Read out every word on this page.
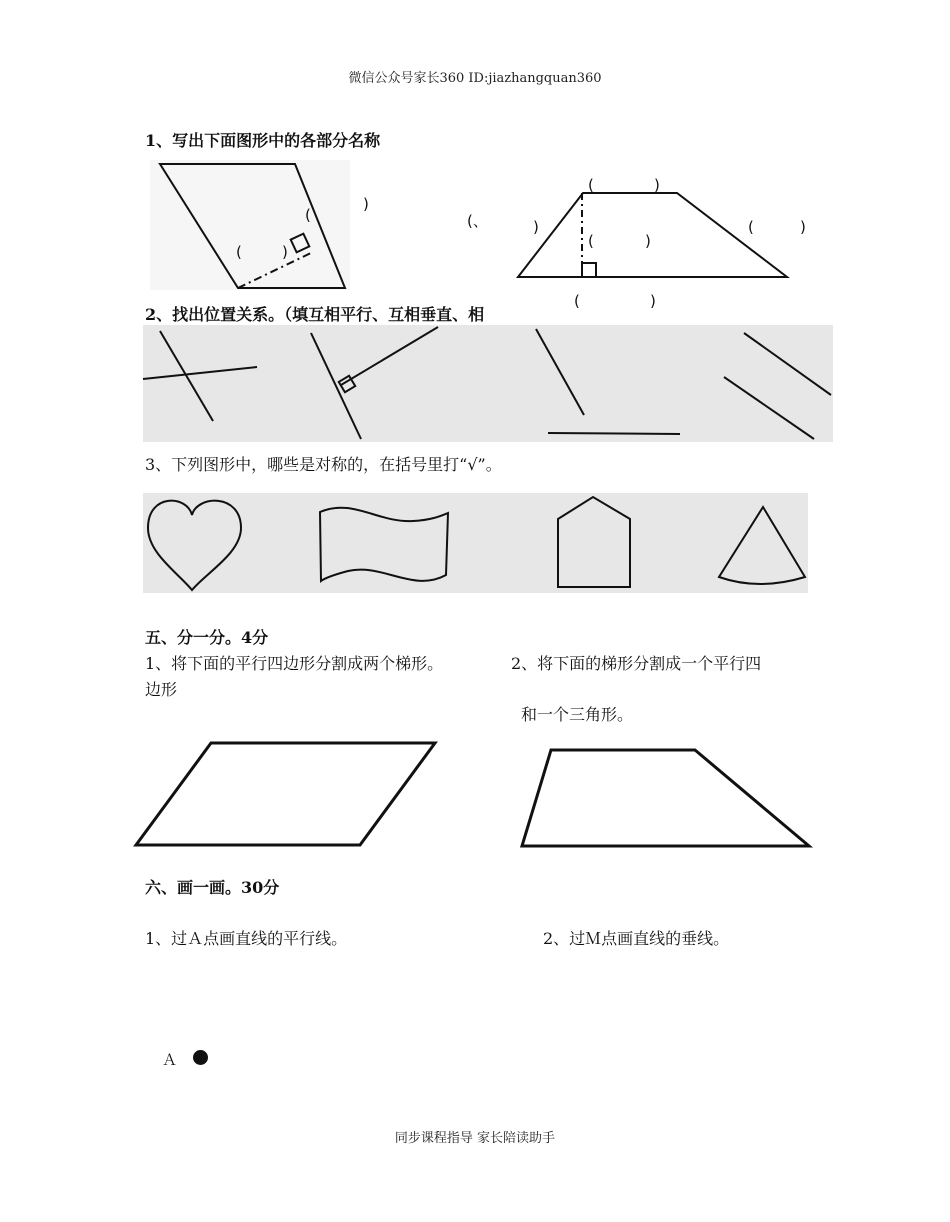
微信公众号家长360 ID:jiazhangquan360
1、写出下面图形中的各部分名称
(
)
(	)
(、	)
(	)
(	)
(	)
(	)
2、找出位置关系。（填互相平行、互相垂直、相
3、下列图形中，哪些是对称的，在括号里打“√”。
五、分一分。4分
1、将下面的平行四边形分割成两个梯形。	2、将下面的梯形分割成一个平行四
边形
和一个三角形。
六、画一画。30分
1、过Ａ点画直线的平行线。	2、过Ｍ点画直线的垂线。
Ａ
同步课程指导 家长陪读助手
